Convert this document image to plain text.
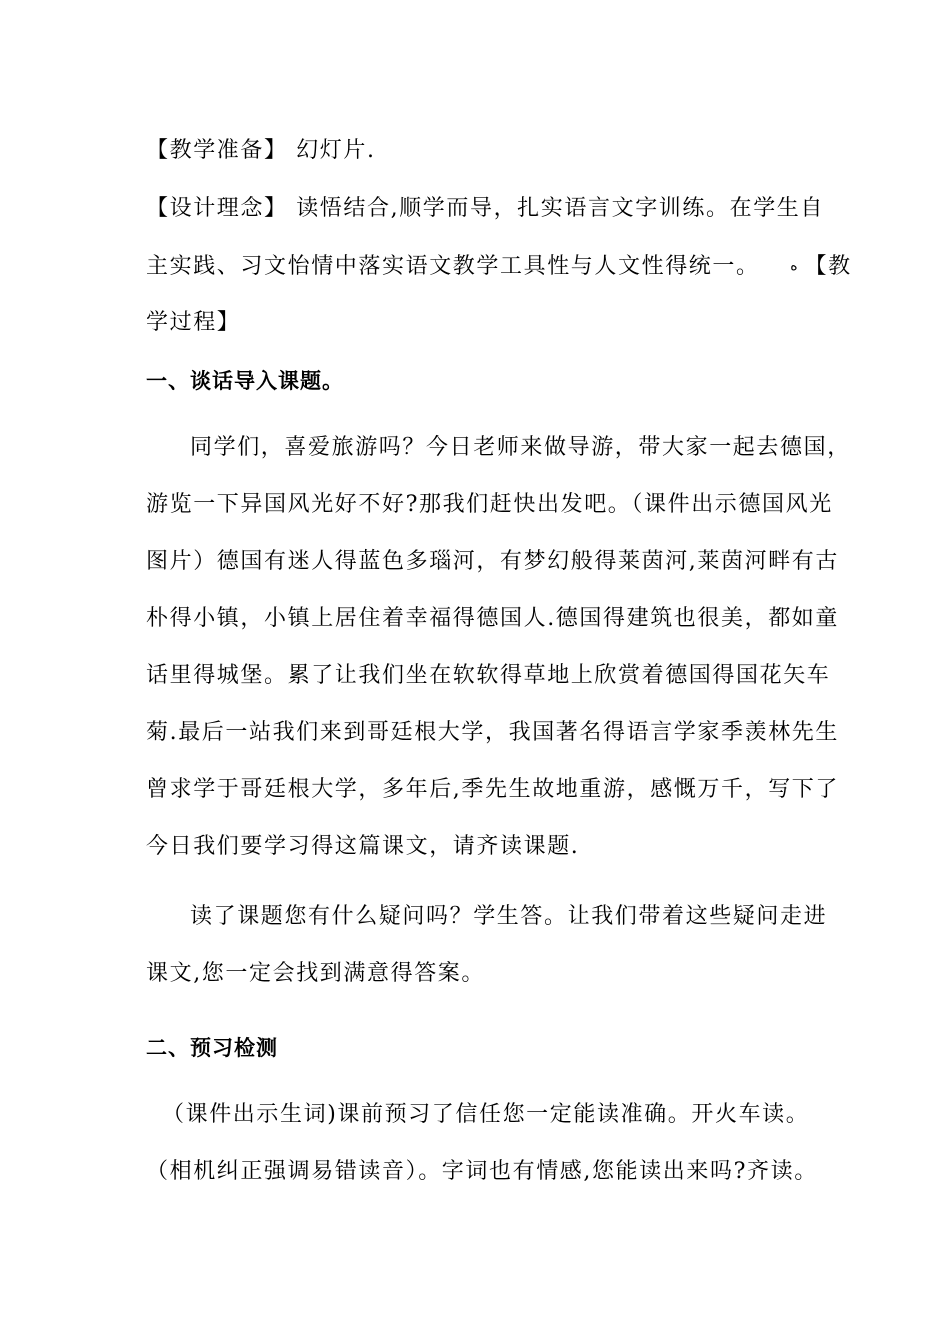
【教学准备】 幻灯片.
【设计理念】 读悟结合,顺学而导，扎实语言文字训练。在学生自
主实践、习文怡情中落实语文教学工具性与人文性得统一。 ه 【教
学过程】
一、谈话导入课题。
同学们，喜爱旅游吗？今日老师来做导游，带大家一起去德国，
游览一下异国风光好不好?那我们赶快出发吧。（课件出示德国风光
图片）德国有迷人得蓝色多瑙河，有梦幻般得莱茵河,莱茵河畔有古
朴得小镇，小镇上居住着幸福得德国人.德国得建筑也很美，都如童
话里得城堡。累了让我们坐在软软得草地上欣赏着德国得国花矢车
菊.最后一站我们来到哥廷根大学，我国著名得语言学家季羡林先生
曾求学于哥廷根大学，多年后,季先生故地重游，感慨万千，写下了
今日我们要学习得这篇课文，请齐读课题.
读了课题您有什么疑问吗？学生答。让我们带着这些疑问走进
课文,您一定会找到满意得答案。
二、预习检测
（课件出示生词)课前预习了信任您一定能读准确。开火车读。
（相机纠正强调易错读音）。字词也有情感,您能读出来吗?齐读。
